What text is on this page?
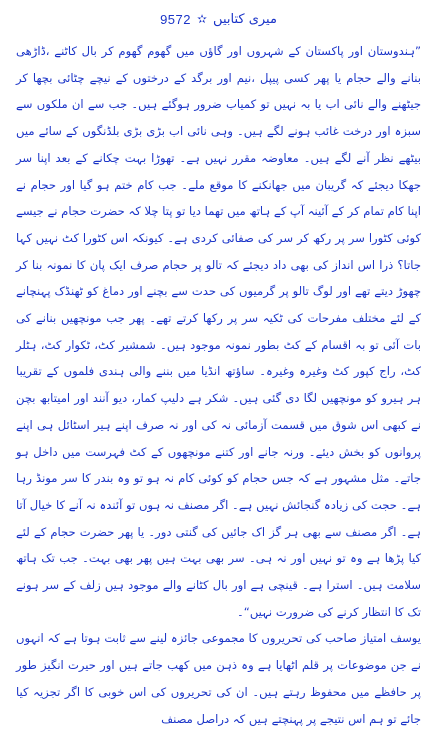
9572 ✫ میری کتابیں

”ہندوستان اور پاکستان کے شہروں اور گاؤں میں گھوم گھوم کر بال کاٹنے ،ڈاڑھی بنانے والے حجام یا پھر کسی پیپل ،نیم اور برگد کے درختوں کے نیچے چٹائی بچھا کر جیٹھنے والے نائی اب یا بہ نہیں تو کمیاب ضرور ہوگئے ہیں۔ جب سے ان ملکوں سے سبزہ اور درخت غائب ہونے لگے ہیں۔ وہی نائی اب بڑی بڑی بلڈنگوں کے سائے میں بیٹھے نظر آنے لگے ہیں۔ معاوضہ مقرر نہیں ہے۔ تھوڑا بہت چکانے کے بعد اپنا سر جھکا دیجئے کہ گریبان میں جھانکنے کا موقع ملے۔ جب کام ختم ہو گیا اور حجام نے اپنا کام تمام کر کے آئینہ آپ کے ہاتھ میں تھما دیا تو پتا چلا کہ حضرت حجام نے جیسے کوئی کٹورا سر پر رکھ کر سر کی صفائی کردی ہے۔ کیونکہ اس کٹورا کٹ نہیں کہا جاتا؟ ذرا اس انداز کی بھی داد دیجئے کہ تالو پر حجام صرف ایک پان کا نمونہ بنا کر چھوڑ دیتے تھے اور لوگ تالو پر گرمیوں کی حدت سے بچنے اور دماغ کو ٹھنڈک پہنچانے کے لئے مختلف مفرحات کی ٹکیہ سر پر رکھا کرتے تھے۔ پھر جب مونچھیں بنانے کی بات آئی تو بہ اقسام کے کٹ بطور نمونہ موجود ہیں۔ شمشیر کٹ، ٹکوار کٹ، ہٹلر کٹ، راج کپور کٹ وغیرہ وغیرہ۔ ساؤتھ انڈیا میں بننے والی ہندی فلموں کے تقریبا ہر ہیرو کو مونچھیں لگا دی گئی ہیں۔ شکر ہے دلیپ کمار، دیو آنند اور امیتابھ بچن نے کبھی اس شوق میں قسمت آزمائی نہ کی اور نہ صرف اپنے ہیر اسٹائل ہی اپنے پروانوں کو بخش دیئے۔ ورنہ جانے اور کتنے مونچھوں کے کٹ فہرست میں داخل ہو جاتے۔ مثل مشہور ہے کہ جس حجام کو کوئی کام نہ ہو تو وہ بندر کا سر مونڈ رہا ہے۔ حجت کی زیادہ گنجائش نہیں ہے۔ اگر مصنف نہ ہوں تو آئندہ نہ آنے کا خیال آتا ہے۔ اگر مصنف سے بھی ہر گز اک جائیں کی گنتی دور۔ یا پھر حضرت حجام کے لئے کیا پڑھا ہے وہ تو نہیں اور نہ ہی۔ سر بھی بہت ہیں پھر بھی بہت۔ جب تک ہاتھ سلامت ہیں۔ استرا ہے۔ قینچی ہے اور بال کٹانے والے موجود ہیں زلف کے سر ہونے تک کا انتظار کرنے کی ضرورت نہیں“۔

یوسف امتیاز صاحب کی تحریروں کا مجموعی جائزہ لینے سے ثابت ہوتا ہے کہ انہوں نے جن موضوعات پر قلم اٹھایا ہے وہ ذہن میں کھب جاتے ہیں اور حیرت انگیز طور پر حافظے میں محفوظ رہتے ہیں۔ ان کی تحریروں کی اس خوبی کا اگر تجزیہ کیا جائے تو ہم اس نتیجے پر پہنچتے ہیں کہ دراصل مصنف
